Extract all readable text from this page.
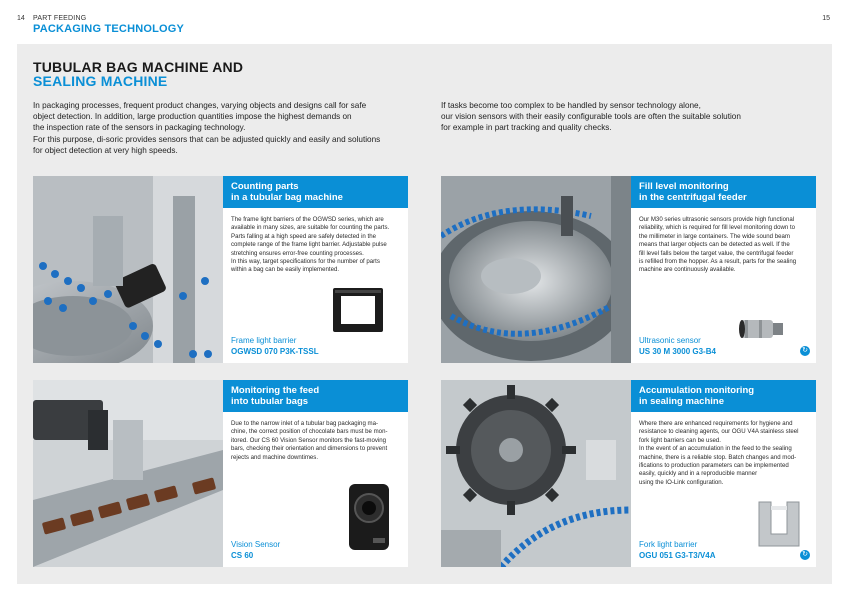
14 PART FEEDING
PACKAGING TECHNOLOGY
15
TUBULAR BAG MACHINE AND
SEALING MACHINE
In packaging processes, frequent product changes, varying objects and designs call for safe
object detection. In addition, large production quantities impose the highest demands on
the inspection rate of the sensors in packaging technology.
For this purpose, di-soric provides sensors that can be adjusted quickly and easily and solutions
for object detection at very high speeds.
If tasks become too complex to be handled by sensor technology alone,
our vision sensors with their easily configurable tools are often the suitable solution
for example in part tracking and quality checks.
Counting parts
in a tubular bag machine
The frame light barriers of the OGWSD series, which are
available in many sizes, are suitable for counting the parts.
Parts falling at a high speed are safely detected in the
complete range of the frame light barrier. Adjustable pulse
stretching ensures error-free counting processes.
In this way, target specifications for the number of parts
within a bag can be easily implemented.
Frame light barrier
OGWSD 070 P3K-TSSL
Fill level monitoring
in the centrifugal feeder
Our M30 series ultrasonic sensors provide high functional
reliability, which is required for fill level monitoring down to
the millimeter in large containers. The wide sound beam
means that larger objects can be detected as well. If the
fill level falls below the target value, the centrifugal feeder
is refilled from the hopper. As a result, parts for the sealing
machine are continuously available.
Ultrasonic sensor
US 30 M 3000 G3-B4	↻
Monitoring the feed
into tubular bags
Due to the narrow inlet of a tubular bag packaging ma-
chine, the correct position of chocolate bars must be mon-
itored. Our CS 60 Vision Sensor monitors the fast-moving
bars, checking their orientation and dimensions to prevent
rejects and machine downtimes.
Vision Sensor
CS 60
Accumulation monitoring
in sealing machine
Where there are enhanced requirements for hygiene and
resistance to cleaning agents, our OGU V4A stainless steel
fork light barriers can be used.
In the event of an accumulation in the feed to the sealing
machine, there is a reliable stop. Batch changes and mod-
ifications to production parameters can be implemented
easily, quickly and in a reproducible manner
using the IO-Link configuration.
Fork light barrier
OGU 051 G3-T3/V4A	↻
